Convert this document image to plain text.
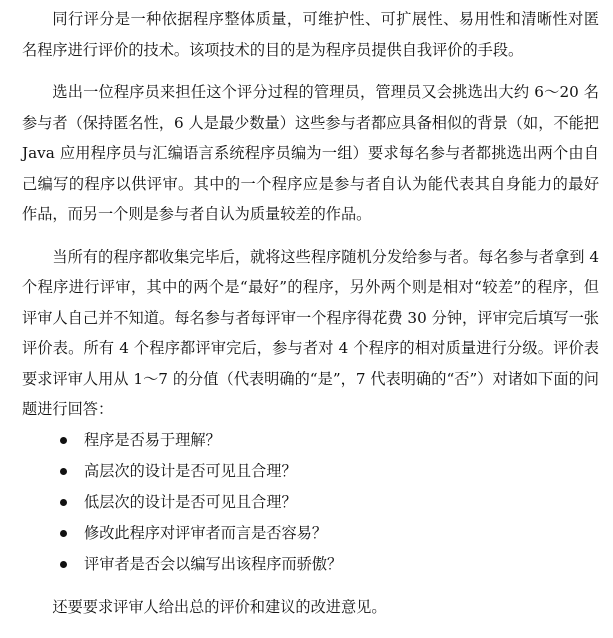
同行评分是一种依据程序整体质量，可维护性、可扩展性、易用性和清晰性对匿名程序进行评价的技术。该项技术的目的是为程序员提供自我评价的手段。

选出一位程序员来担任这个评分过程的管理员，管理员又会挑选出大约 6～20 名参与者（保持匿名性，6 人是最少数量）这些参与者都应具备相似的背景（如，不能把 Java 应用程序员与汇编语言系统程序员编为一组）要求每名参与者都挑选出两个由自己编写的程序以供评审。其中的一个程序应是参与者自认为能代表其自身能力的最好作品，而另一个则是参与者自认为质量较差的作品。

当所有的程序都收集完毕后，就将这些程序随机分发给参与者。每名参与者拿到 4 个程序进行评审，其中的两个是“最好”的程序，另外两个则是相对“较差”的程序，但评审人自己并不知道。每名参与者每评审一个程序得花费 30 分钟，评审完后填写一张评价表。所有 4 个程序都评审完后，参与者对 4 个程序的相对质量进行分级。评价表要求评审人用从 1～7 的分值（代表明确的“是”，7 代表明确的“否”）对诸如下面的问题进行回答：

程序是否易于理解？
高层次的设计是否可见且合理？
低层次的设计是否可见且合理？
修改此程序对评审者而言是否容易？
评审者是否会以编写出该程序而骄傲？

还要要求评审人给出总的评价和建议的改进意见。
